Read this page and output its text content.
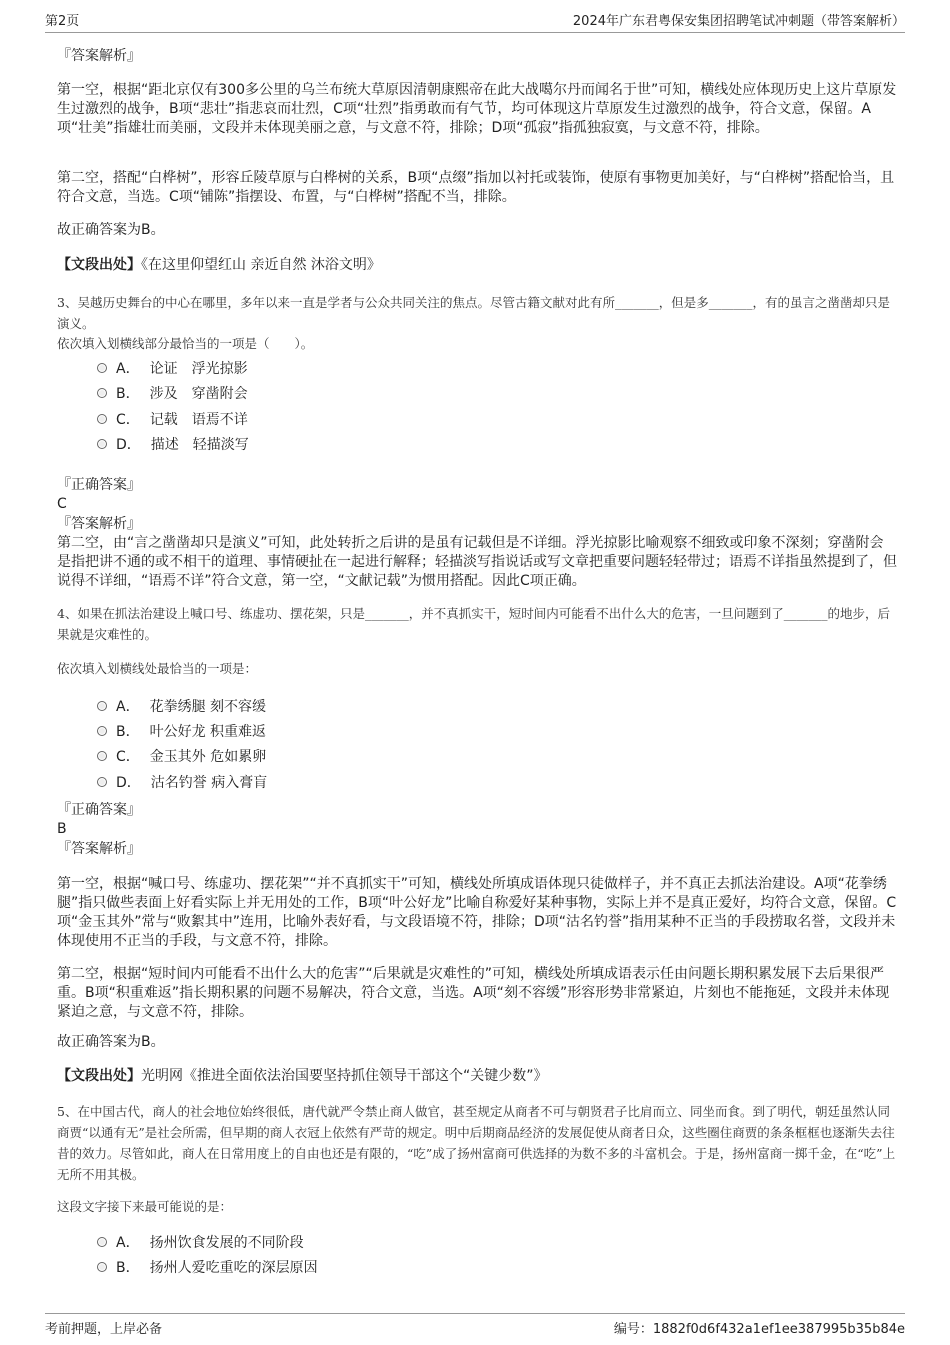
第2页	2024年广东君粤保安集团招聘笔试冲刺题（带答案解析）
『答案解析』
第一空，根据“距北京仅有300多公里的乌兰布统大草原因清朝康熙帝在此大战噶尔丹而闻名于世”可知，横线处应体现历史上这片草原发生过激烈的战争，B项“悲壮”指悲哀而壮烈，C项“壮烈”指勇敢而有气节，均可体现这片草原发生过激烈的战争，符合文意，保留。A项“壮美”指雄壮而美丽，文段并未体现美丽之意，与文意不符，排除；D项“孤寂”指孤独寂寞，与文意不符，排除。
第二空，搭配“白桦树”，形容丘陵草原与白桦树的关系，B项“点缀”指加以衬托或装饰，使原有事物更加美好，与“白桦树”搭配恰当，且符合文意，当选。C项“铺陈”指摆设、布置，与“白桦树”搭配不当，排除。
故正确答案为B。
【文段出处】《在这里仰望红山 亲近自然 沐浴文明》
3、吴越历史舞台的中心在哪里，多年以来一直是学者与公众共同关注的焦点。尽管古籍文献对此有所_______，但是多_______，有的虽言之凿凿却只是演义。
依次填入划横线部分最恰当的一项是（　　）。
A． 论证　浮光掠影
B． 涉及　穿凿附会
C． 记载　语焉不详
D． 描述　轻描淡写
『正确答案』
C
『答案解析』
第二空，由“言之凿凿却只是演义”可知，此处转折之后讲的是虽有记载但是不详细。浮光掠影比喻观察不细致或印象不深刻；穿凿附会是指把讲不通的或不相干的道理、事情硬扯在一起进行解释；轻描淡写指说话或写文章把重要问题轻轻带过；语焉不详指虽然提到了，但说得不详细，“语焉不详”符合文意，第一空，“文献记载”为惯用搭配。因此C项正确。
4、如果在抓法治建设上喊口号、练虚功、摆花架，只是_______，并不真抓实干，短时间内可能看不出什么大的危害，一旦问题到了_______的地步，后果就是灾难性的。
依次填入划横线处最恰当的一项是：
A． 花拳绣腿 刻不容缓
B． 叶公好龙 积重难返
C． 金玉其外 危如累卵
D． 沽名钓誉 病入膏肓
『正确答案』
B
『答案解析』
第一空，根据“喊口号、练虚功、摆花架”“并不真抓实干”可知，横线处所填成语体现只徒做样子，并不真正去抓法治建设。A项“花拳绣腿”指只做些表面上好看实际上并无用处的工作，B项“叶公好龙”比喻自称爱好某种事物，实际上并不是真正爱好，均符合文意，保留。C项“金玉其外”常与“败絮其中”连用，比喻外表好看，与文段语境不符，排除；D项“沽名钓誉”指用某种不正当的手段捞取名誉，文段并未体现使用不正当的手段，与文意不符，排除。
第二空，根据“短时间内可能看不出什么大的危害”“后果就是灾难性的”可知，横线处所填成语表示任由问题长期积累发展下去后果很严重。B项“积重难返”指长期积累的问题不易解决，符合文意，当选。A项“刻不容缓”形容形势非常紧迫，片刻也不能拖延，文段并未体现紧迫之意，与文意不符，排除。
故正确答案为B。
【文段出处】光明网《推进全面依法治国要坚持抓住领导干部这个“关键少数”》
5、在中国古代，商人的社会地位始终很低，唐代就严令禁止商人做官，甚至规定从商者不可与朝贤君子比肩而立、同坐而食。到了明代，朝廷虽然认同商贾“以通有无”是社会所需，但早期的商人衣冠上依然有严苛的规定。明中后期商品经济的发展促使从商者日众，这些圈住商贾的条条框框也逐渐失去往昔的效力。尽管如此，商人在日常用度上的自由也还是有限的，“吃”成了扬州富商可供选择的为数不多的斗富机会。于是，扬州富商一掷千金，在“吃”上无所不用其极。
这段文字接下来最可能说的是：
A． 扬州饮食发展的不同阶段
B． 扬州人爱吃重吃的深层原因
考前押题，上岸必备	编号：1882f0d6f432a1ef1ee387995b35b84e
